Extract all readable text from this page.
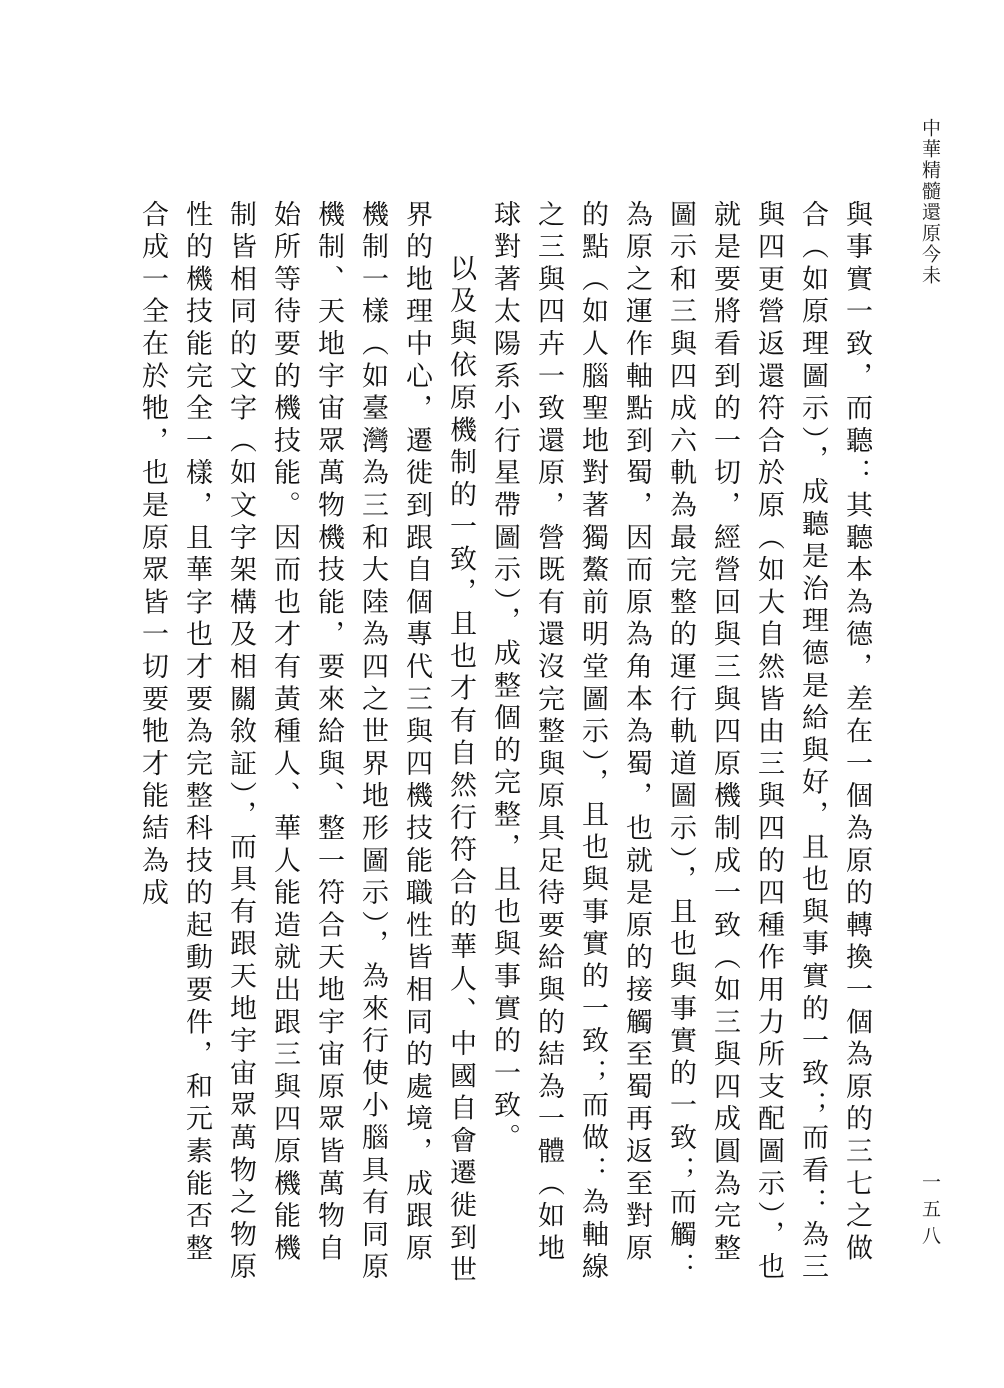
中華精髓還原今未
一五八

與事實一致，而聽：其聽本為德，差在一個為原的轉換一個為原的三七之做合（如原理圖示），成聽是治理德是給與好，且也與事實的一致；而看：為三與四更營返還符合於原（如大自然皆由三與四的四種作用力所支配圖示），也就是要將看到的一切，經營回與三與四原機制成一致（如三與四成圓為完整圖示和三與四成六軌為最完整的運行軌道圖示），且也與事實的一致；而觸：為原之運作軸點到蜀，因而原為角本為蜀，也就是原的接觸至蜀再返至對原的點（如人腦聖地對著獨鰲前明堂圖示），且也與事實的一致；而做：為軸線之三與四卉一致還原，營既有還沒完整與原具足待要給與的結為一體（如地球對著太陽系小行星帶圖示），成整個的完整，且也與事實的一致。

以及與依原機制的一致，且也才有自然行符合的華人、中國自會遷徙到世界的地理中心，遷徙到跟自個專代三與四機技能職性皆相同的處境，成跟原機制一樣（如臺灣為三和大陸為四之世界地形圖示），為來行使小腦具有同原機制、天地宇宙眾萬物機技能，要來給與、整一符合天地宇宙原眾皆萬物自始所等待要的機技能。因而也才有黃種人、華人能造就出跟三與四原機能機制皆相同的文字（如文字架構及相關敘証），而具有跟天地宇宙眾萬物之物原性的機技能完全一樣，且華字也才要為完整科技的起動要件，和元素能否整合成一全在於牠，也是原眾皆一切要牠才能結為成
